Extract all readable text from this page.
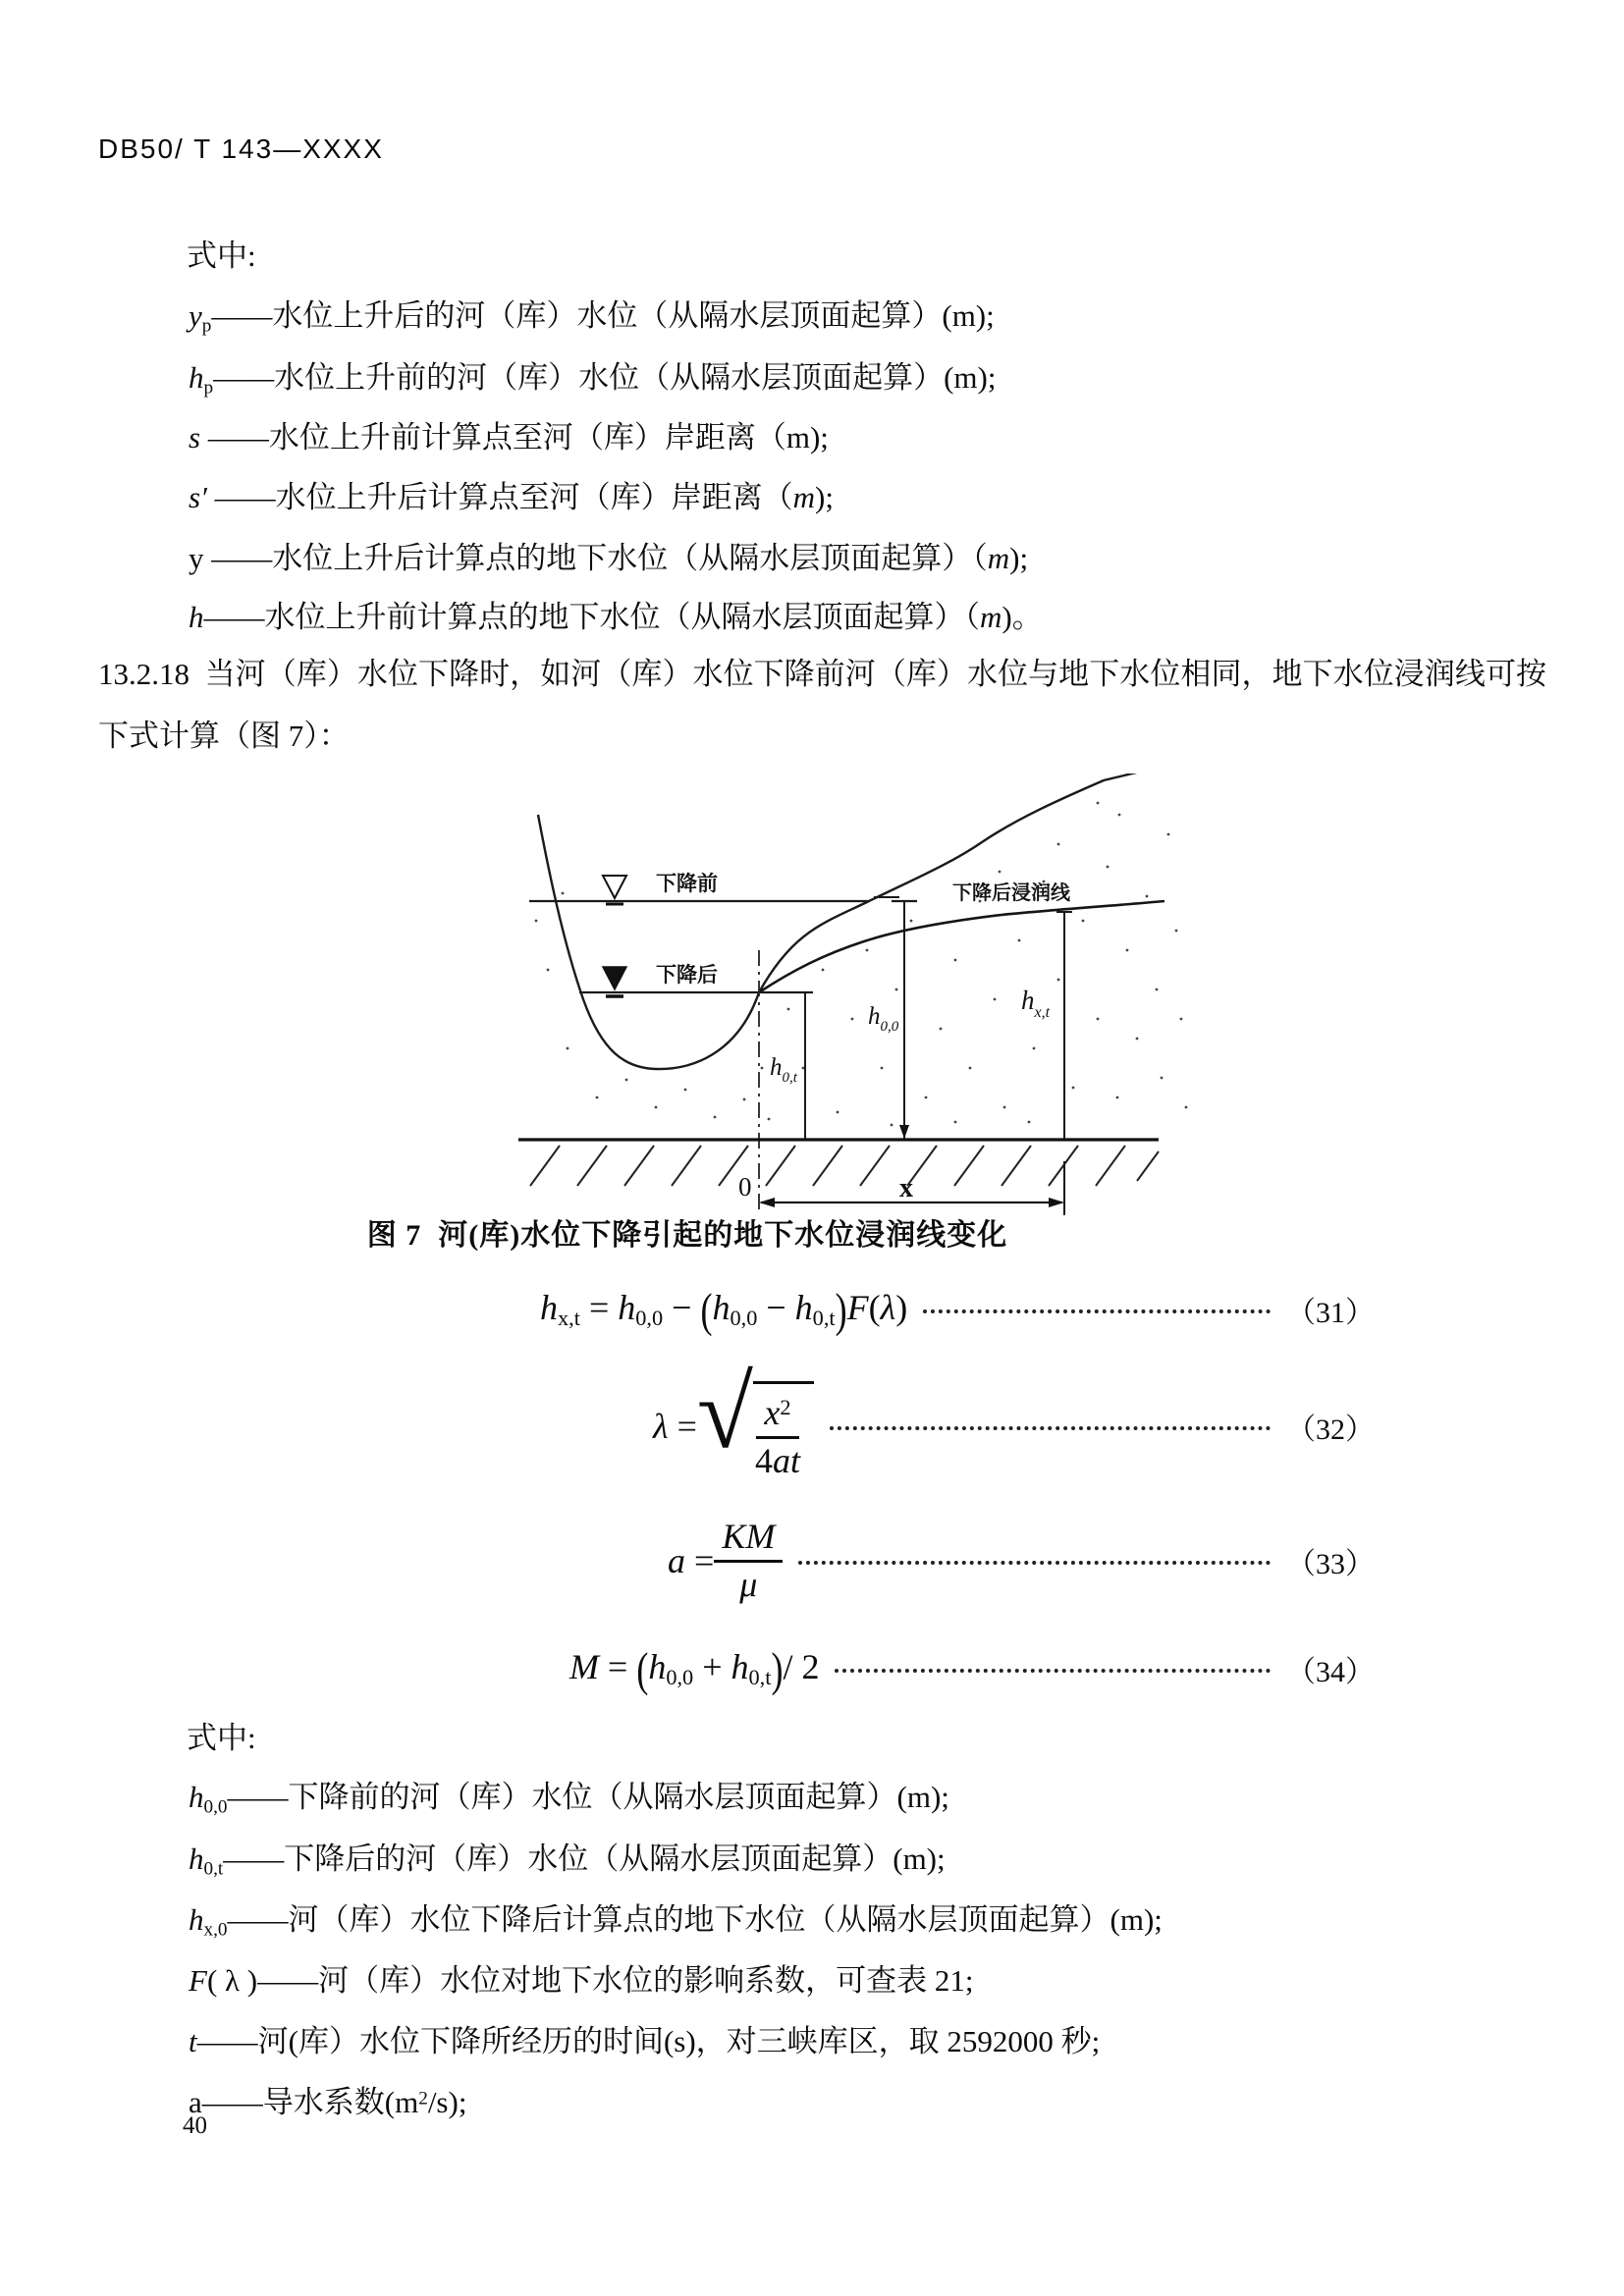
DB50/ T 143—XXXX
式中:
yp——水位上升后的河（库）水位（从隔水层顶面起算）(m);
hp——水位上升前的河（库）水位（从隔水层顶面起算）(m);
s ——水位上升前计算点至河（库）岸距离（m);
s′ ——水位上升后计算点至河（库）岸距离（m);
y ——水位上升后计算点的地下水位（从隔水层顶面起算）（m);
h——水位上升前计算点的地下水位（从隔水层顶面起算）（m)。
13.2.18 当河（库）水位下降时，如河（库）水位下降前河（库）水位与地下水位相同，地下水位浸润线可按下式计算（图 7）：
下降前
下降后
下降后浸润线
$h_{0,t}$
$h_{0,0}$
$h_{x,t}$
0	x
图 7 河(库)水位下降引起的地下水位浸润线变化
hx,t = h0,0 − (h0,0 − h0,t)F(λ)	（31）
λ = √ $\frac{x^2}{4at}$	（32）
$a = \frac{KM}{\mu}$	（33）
M = (h0,0 + h0,t)/ 2	（34）
式中:
h0,0——下降前的河（库）水位（从隔水层顶面起算）(m);
h0,t——下降后的河（库）水位（从隔水层顶面起算）(m);
hx,0——河（库）水位下降后计算点的地下水位（从隔水层顶面起算）(m);
F( λ )——河（库）水位对地下水位的影响系数，可查表 21;
t——河(库）水位下降所经历的时间(s)，对三峡库区，取 2592000 秒;
a——导水系数$(m^2/s)$;
40
